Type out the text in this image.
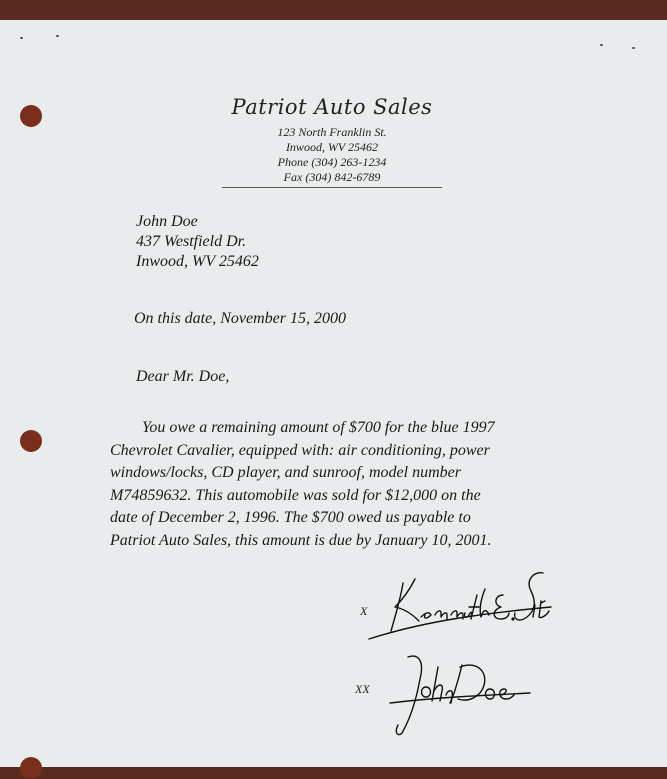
Patriot Auto Sales
123 North Franklin St.
Inwood, WV 25462
Phone (304) 263-1234
Fax (304) 842-6789
John Doe
437 Westfield Dr.
Inwood, WV 25462
On this date, November 15, 2000
Dear Mr. Doe,
You owe a remaining amount of $700 for the blue 1997
Chevrolet Cavalier, equipped with: air conditioning, power
windows/locks, CD player, and sunroof, model number
M74859632. This automobile was sold for $12,000 on the
date of December 2, 1996. The $700 owed us payable to
Patriot Auto Sales, this amount is due by January 10, 2001.
X
XX
